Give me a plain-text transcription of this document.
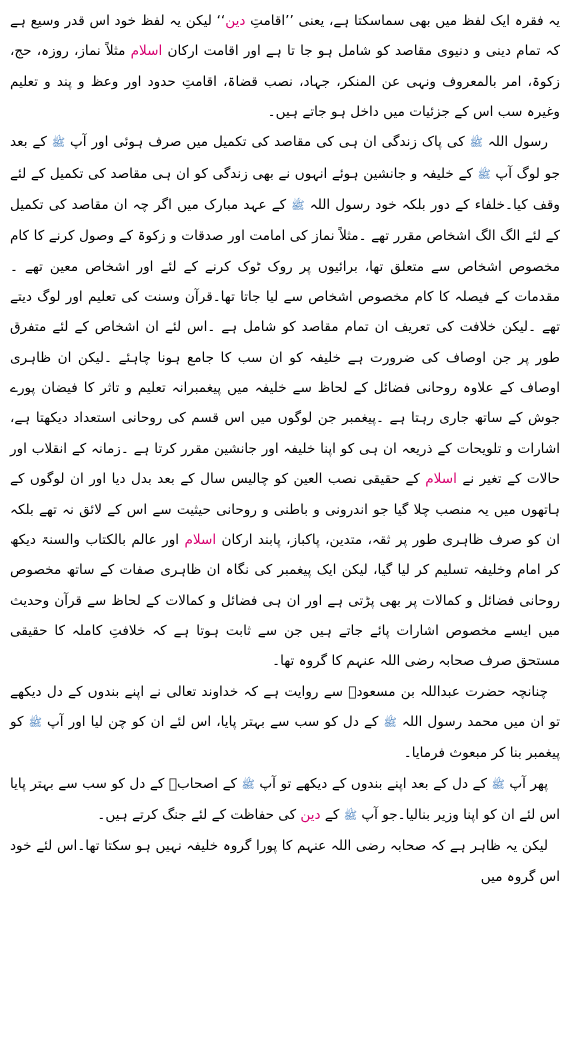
یہ فقرہ ایک لفظ میں بھی سماسکتا ہے، یعنی ’’اقامتِ دین‘‘ لیکن یہ لفظ خود اس قدر وسیع ہے کہ تمام دینی و دنیوی مقاصد کو شامل ہو جا تا ہے اور اقامت ارکان اسلام مثلاً نماز، روزہ، حج، زکوۃ، امر بالمعروف ونہی عن المنکر، جہاد، نصب قضاۃ، اقامتِ حدود اور وعظ و پند و تعلیم وغیرہ سب اس کے جزئیات میں داخل ہو جاتے ہیں۔

رسول اللہ ﷺ کی پاک زندگی ان ہی کی مقاصد کی تکمیل میں صرف ہوئی اور آپ ﷺ کے بعد جو لوگ آپ ﷺ کے خلیفہ و جانشین ہوئے انہوں نے بھی زندگی کو ان ہی مقاصد کی تکمیل کے لئے وقف کیا۔خلفاء کے دور بلکہ خود رسول اللہ ﷺ کے عہد مبارک میں اگر چہ ان مقاصد کی تکمیل کے لئے الگ الگ اشخاص مقرر تھے ۔مثلاً نماز کی امامت اور صدقات و زکوۃ کے وصول کرنے کا کام مخصوص اشخاص سے متعلق تھا، برائیوں پر روک ٹوک کرنے کے لئے اور اشخاص معین تھے ۔مقدمات کے فیصلہ کا کام مخصوص اشخاص سے لیا جاتا تھا۔قرآن وسنت کی تعلیم اور لوگ دیتے تھے ۔لیکن خلافت کی تعریف ان تمام مقاصد کو شامل ہے ۔اس لئے ان اشخاص کے لئے متفرق طور پر جن اوصاف کی ضرورت ہے خلیفہ کو ان سب کا جامع ہونا چاہئے ۔لیکن ان ظاہری اوصاف کے علاوہ روحانی فضائل کے لحاظ سے خلیفہ میں پیغمبرانہ تعلیم و تاثر کا فیضان پورے جوش کے ساتھ جاری رہتا ہے ۔پیغمبر جن لوگوں میں اس قسم کی روحانی استعداد دیکھتا ہے، اشارات و تلویحات کے ذریعہ ان ہی کو اپنا خلیفہ اور جانشین مقرر کرتا ہے ۔زمانہ کے انقلاب اور حالات کے تغیر نے اسلام کے حقیقی نصب العین کو چالیس سال کے بعد بدل دیا اور ان لوگوں کے ہاتھوں میں یہ منصب چلا گیا جو اندرونی و باطنی و روحانی حیثیت سے اس کے لائق نہ تھے بلکہ ان کو صرف ظاہری طور پر ثقہ، متدین، پاکباز، پابند ارکان اسلام اور عالم بالکتاب والسنۃ دیکھ کر امام وخلیفہ تسلیم کر لیا گیا، لیکن ایک پیغمبر کی نگاہ ان ظاہری صفات کے ساتھ مخصوص روحانی فضائل و کمالات پر بھی پڑتی ہے اور ان ہی فضائل و کمالات کے لحاظ سے قرآن وحدیث میں ایسے مخصوص اشارات پائے جاتے ہیں جن سے ثابت ہوتا ہے کہ خلافتِ کاملہ کا حقیقی مستحق صرف صحابہ رضی اللہ عنہم کا گروہ تھا۔

چنانچہ حضرت عبداللہ بن مسعودؓ سے روایت ہے کہ خداوند تعالی نے اپنے بندوں کے دل دیکھے تو ان میں محمد رسول اللہ ﷺ کے دل کو سب سے بہتر پایا، اس لئے ان کو چن لیا اور آپ ﷺ کو پیغمبر بنا کر مبعوث فرمایا۔

پھر آپ ﷺ کے دل کے بعد اپنے بندوں کے دیکھے تو آپ ﷺ کے اصحابؓ کے دل کو سب سے بہتر پایا اس لئے ان کو اپنا وزیر بنالیا۔جو آپ ﷺ کے دین کی حفاظت کے لئے جنگ کرتے ہیں۔

لیکن یہ ظاہر ہے کہ صحابہ رضی اللہ عنہم کا پورا گروہ خلیفہ نہیں ہو سکتا تھا۔اس لئے خود اس گروہ میں
